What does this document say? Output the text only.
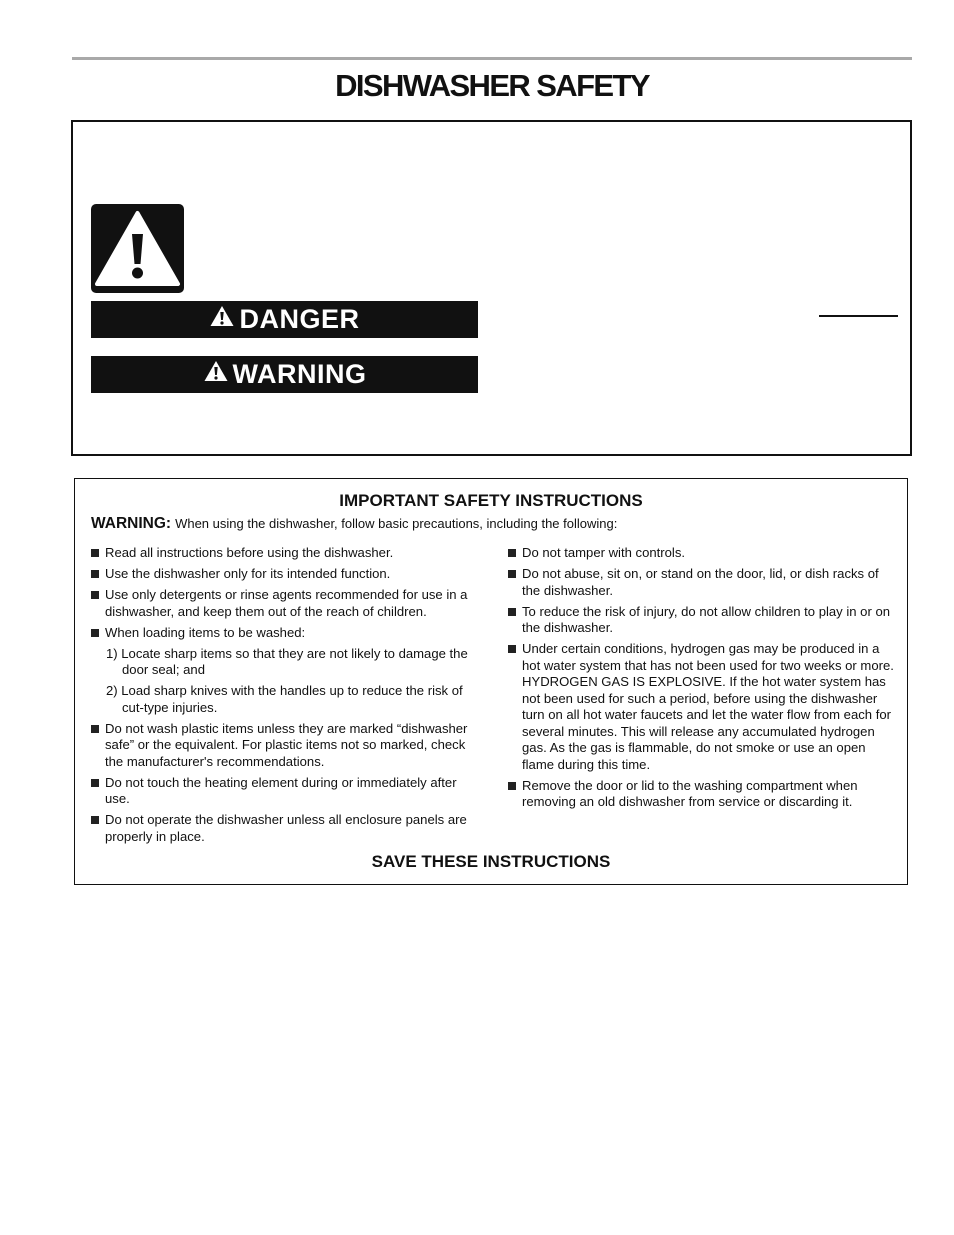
DISHWASHER SAFETY
DANGER
WARNING
IMPORTANT SAFETY INSTRUCTIONS
WARNING: When using the dishwasher, follow basic precautions, including the following:
Read all instructions before using the dishwasher.
Use the dishwasher only for its intended function.
Use only detergents or rinse agents recommended for use in a dishwasher, and keep them out of the reach of children.
When loading items to be washed:
1) Locate sharp items so that they are not likely to damage the door seal; and
2) Load sharp knives with the handles up to reduce the risk of cut-type injuries.
Do not wash plastic items unless they are marked “dishwasher safe” or the equivalent. For plastic items not so marked, check the manufacturer's recommendations.
Do not touch the heating element during or immediately after use.
Do not operate the dishwasher unless all enclosure panels are properly in place.
Do not tamper with controls.
Do not abuse, sit on, or stand on the door, lid, or dish racks of the dishwasher.
To reduce the risk of injury, do not allow children to play in or on the dishwasher.
Under certain conditions, hydrogen gas may be produced in a hot water system that has not been used for two weeks or more. HYDROGEN GAS IS EXPLOSIVE. If the hot water system has not been used for such a period, before using the dishwasher turn on all hot water faucets and let the water flow from each for several minutes. This will release any accumulated hydrogen gas. As the gas is flammable, do not smoke or use an open flame during this time.
Remove the door or lid to the washing compartment when removing an old dishwasher from service or discarding it.
SAVE THESE INSTRUCTIONS
